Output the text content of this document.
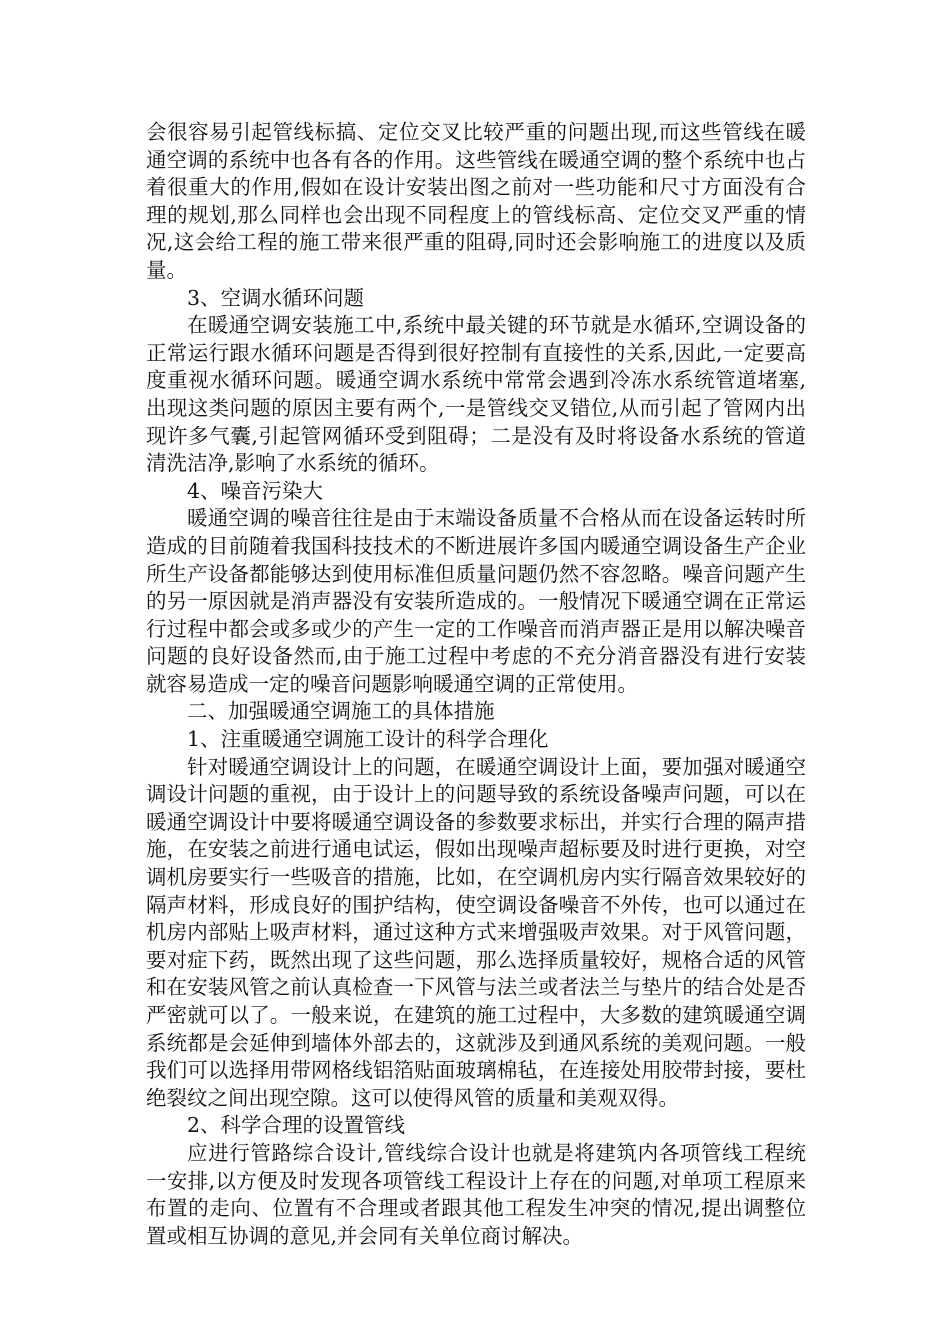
会很容易引起管线标搞、定位交叉比较严重的问题出现,而这些管线在暖通空调的系统中也各有各的作用。这些管线在暖通空调的整个系统中也占着很重大的作用,假如在设计安装出图之前对一些功能和尺寸方面没有合理的规划,那么同样也会出现不同程度上的管线标高、定位交叉严重的情况,这会给工程的施工带来很严重的阻碍,同时还会影响施工的进度以及质量。

3、空调水循环问题

在暖通空调安装施工中,系统中最关键的环节就是水循环,空调设备的正常运行跟水循环问题是否得到很好控制有直接性的关系,因此,一定要高度重视水循环问题。暖通空调水系统中常常会遇到冷冻水系统管道堵塞,出现这类问题的原因主要有两个,一是管线交叉错位,从而引起了管网内出现许多气囊,引起管网循环受到阻碍；二是没有及时将设备水系统的管道清洗洁净,影响了水系统的循环。

4、噪音污染大

暖通空调的噪音往往是由于末端设备质量不合格从而在设备运转时所造成的目前随着我国科技技术的不断进展许多国内暖通空调设备生产企业所生产设备都能够达到使用标准但质量问题仍然不容忽略。噪音问题产生的另一原因就是消声器没有安装所造成的。一般情况下暖通空调在正常运行过程中都会或多或少的产生一定的工作噪音而消声器正是用以解决噪音问题的良好设备然而,由于施工过程中考虑的不充分消音器没有进行安装就容易造成一定的噪音问题影响暖通空调的正常使用。

二、加强暖通空调施工的具体措施

1、注重暖通空调施工设计的科学合理化

针对暖通空调设计上的问题，在暖通空调设计上面，要加强对暖通空调设计问题的重视，由于设计上的问题导致的系统设备噪声问题，可以在暖通空调设计中要将暖通空调设备的参数要求标出，并实行合理的隔声措施，在安装之前进行通电试运，假如出现噪声超标要及时进行更换，对空调机房要实行一些吸音的措施，比如，在空调机房内实行隔音效果较好的隔声材料，形成良好的围护结构，使空调设备噪音不外传，也可以通过在机房内部贴上吸声材料，通过这种方式来增强吸声效果。对于风管问题，要对症下药，既然出现了这些问题，那么选择质量较好，规格合适的风管和在安装风管之前认真检查一下风管与法兰或者法兰与垫片的结合处是否严密就可以了。一般来说，在建筑的施工过程中，大多数的建筑暖通空调系统都是会延伸到墙体外部去的，这就涉及到通风系统的美观问题。一般我们可以选择用带网格线铝箔贴面玻璃棉毡，在连接处用胶带封接，要杜绝裂纹之间出现空隙。这可以使得风管的质量和美观双得。

2、科学合理的设置管线

应进行管路综合设计,管线综合设计也就是将建筑内各项管线工程统一安排,以方便及时发现各项管线工程设计上存在的问题,对单项工程原来布置的走向、位置有不合理或者跟其他工程发生冲突的情况,提出调整位置或相互协调的意见,并会同有关单位商讨解决。
